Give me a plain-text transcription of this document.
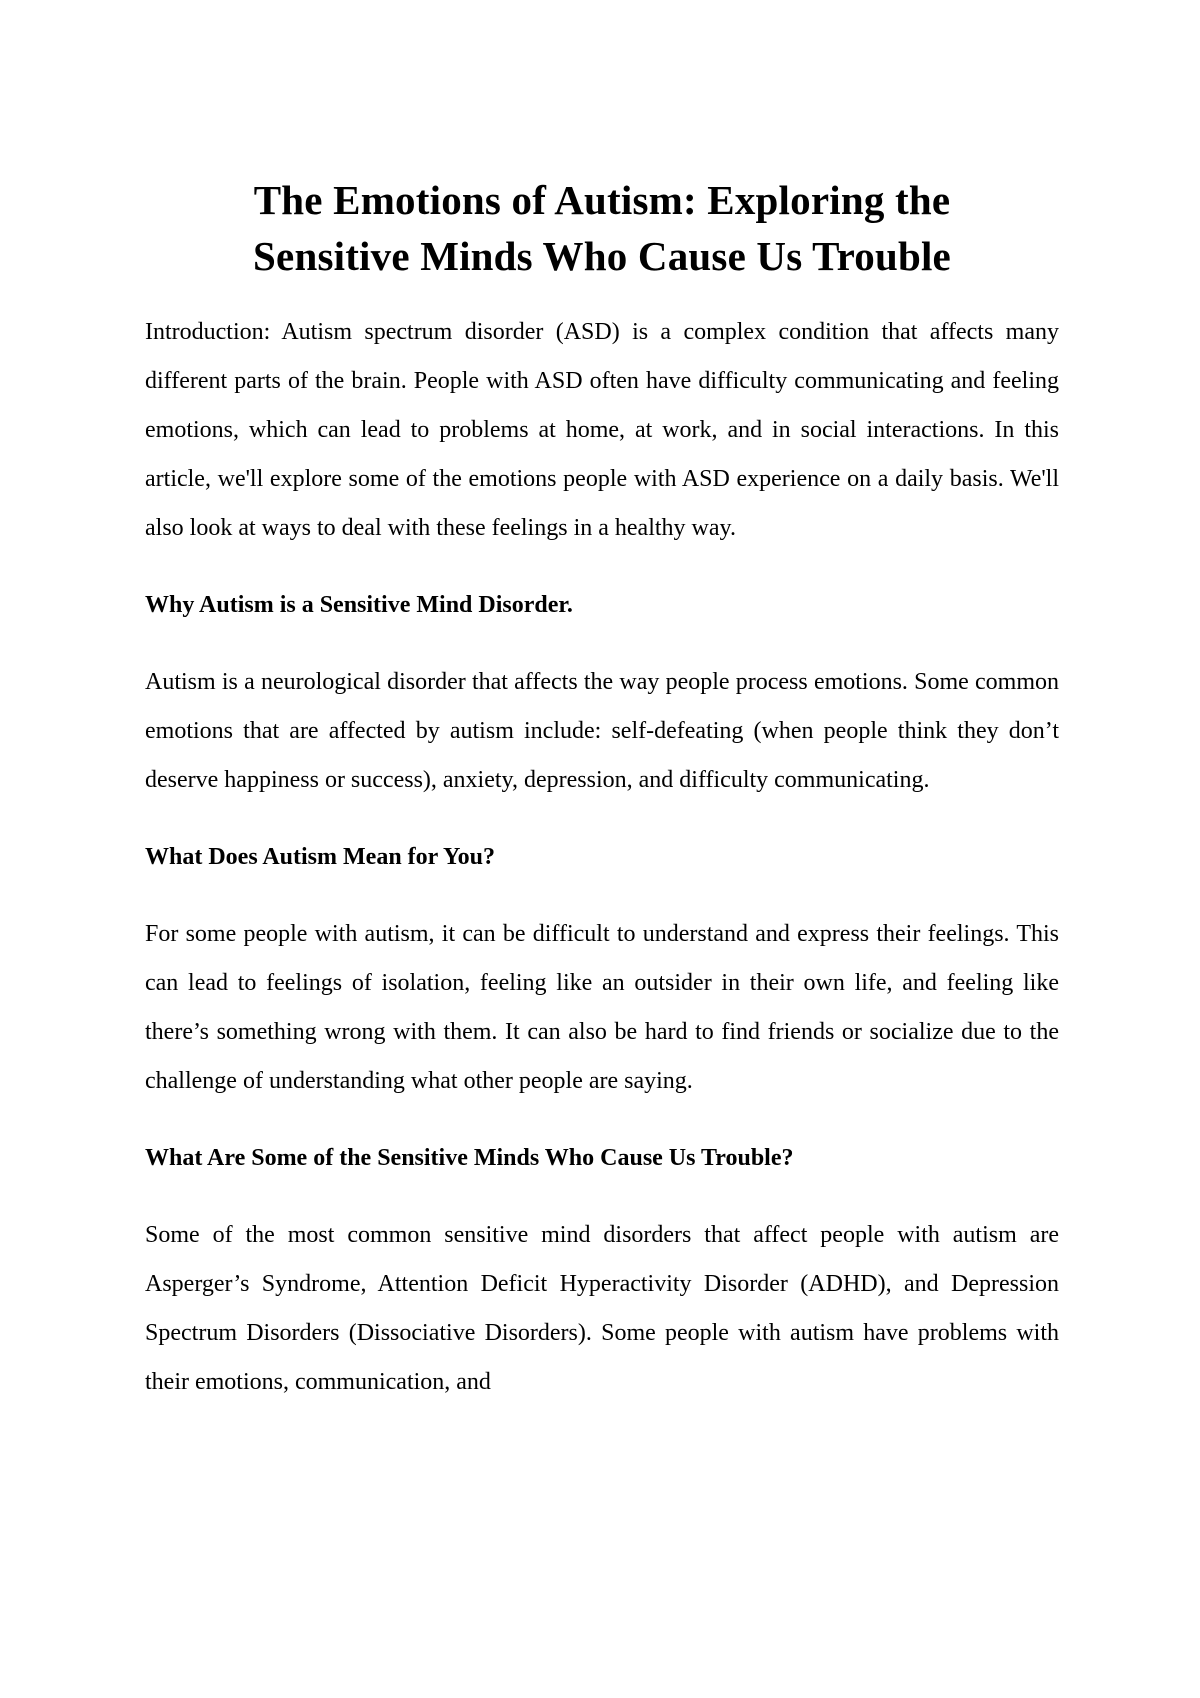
The Emotions of Autism: Exploring the
Sensitive Minds Who Cause Us Trouble

Introduction: Autism spectrum disorder (ASD) is a complex condition that affects many different parts of the brain. People with ASD often have difficulty communicating and feeling emotions, which can lead to problems at home, at work, and in social interactions. In this article, we'll explore some of the emotions people with ASD experience on a daily basis. We'll also look at ways to deal with these feelings in a healthy way.

Why Autism is a Sensitive Mind Disorder.

Autism is a neurological disorder that affects the way people process emotions. Some common emotions that are affected by autism include: self-defeating (when people think they don’t deserve happiness or success), anxiety, depression, and difficulty communicating.

What Does Autism Mean for You?

For some people with autism, it can be difficult to understand and express their feelings. This can lead to feelings of isolation, feeling like an outsider in their own life, and feeling like there’s something wrong with them. It can also be hard to find friends or socialize due to the challenge of understanding what other people are saying.

What Are Some of the Sensitive Minds Who Cause Us Trouble?

Some of the most common sensitive mind disorders that affect people with autism are Asperger’s Syndrome, Attention Deficit Hyperactivity Disorder (ADHD), and Depression Spectrum Disorders (Dissociative Disorders). Some people with autism have problems with their emotions, communication, and
